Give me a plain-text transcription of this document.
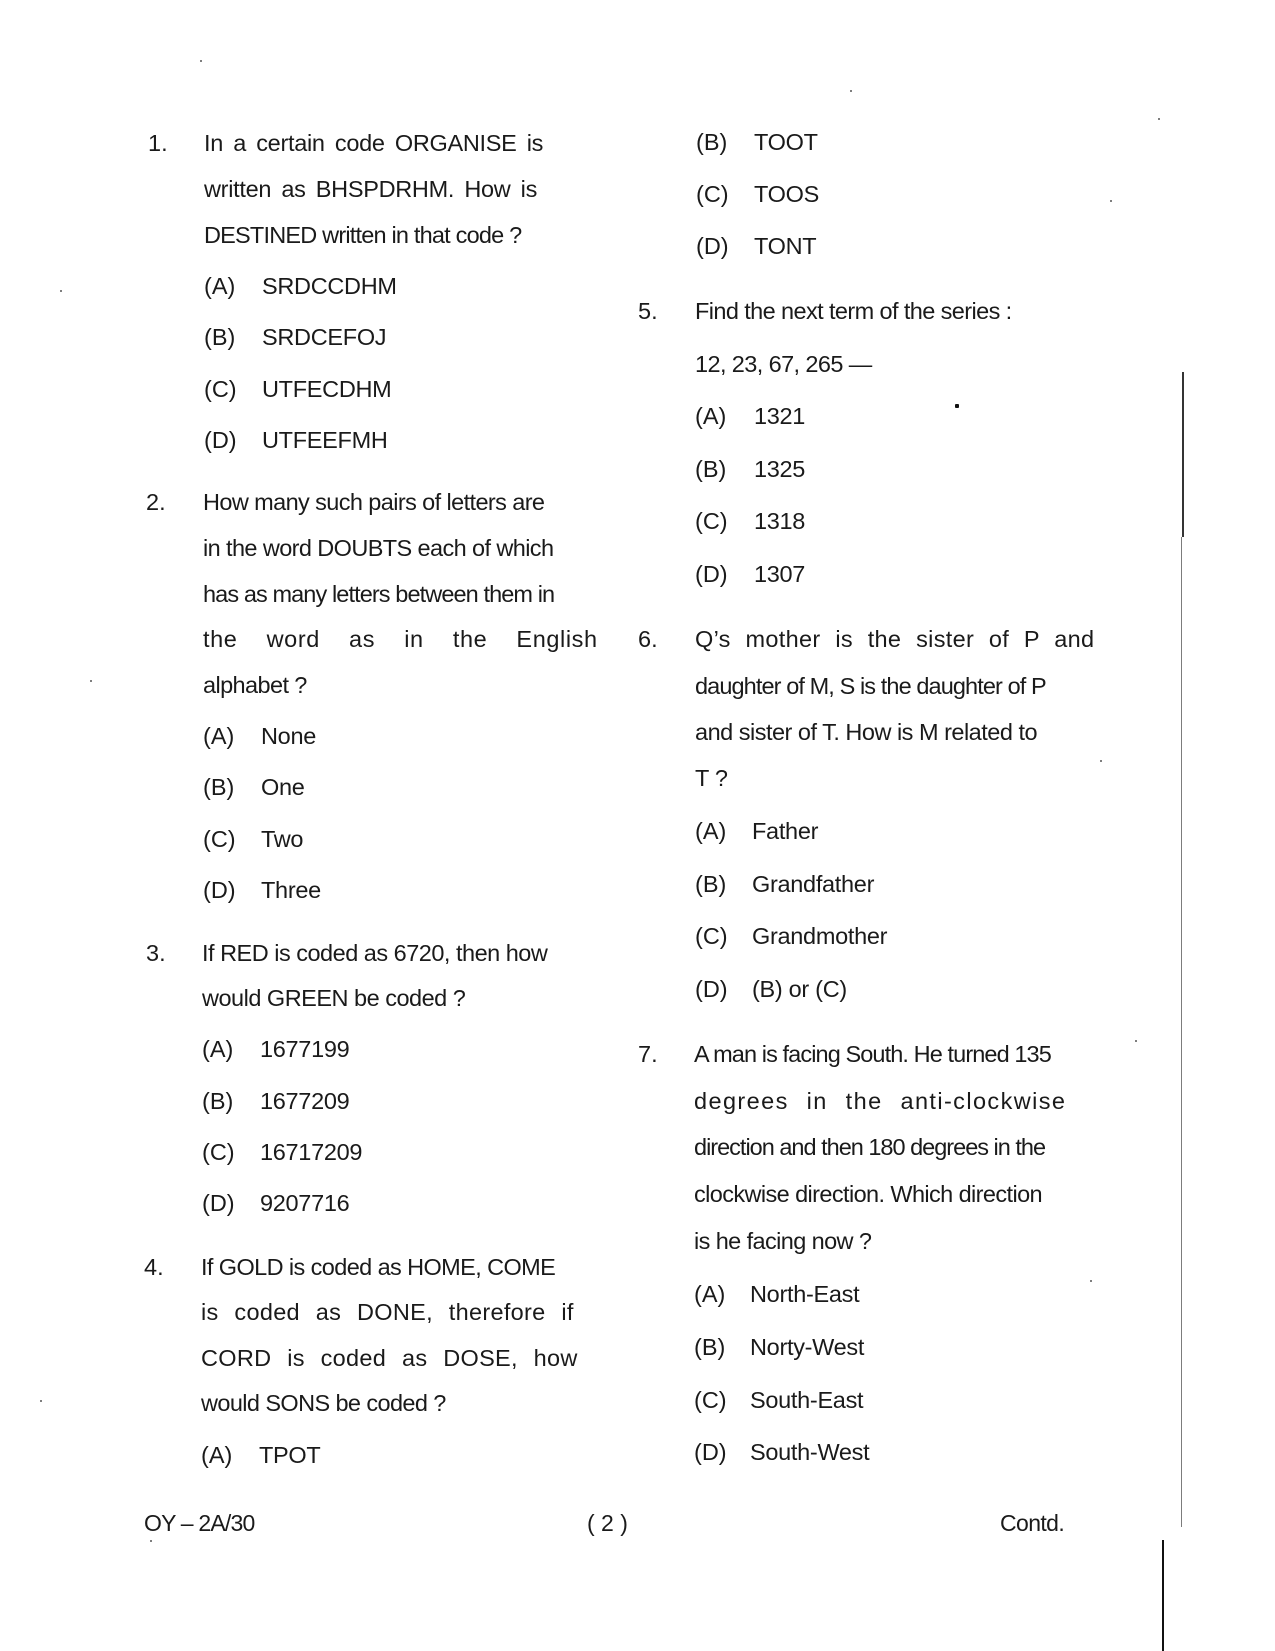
1. In a certain code ORGANISE is
written as BHSPDRHM. How is
DESTINED written in that code ?
(A) SRDCCDHM
(B) SRDCEFOJ
(C) UTFECDHM
(D) UTFEEFMH
2. How many such pairs of letters are
in the word DOUBTS each of which
has as many letters between them in
the word as in the English
alphabet ?
(A) None
(B) One
(C) Two
(D) Three
3. If RED is coded as 6720, then how
would GREEN be coded ?
(A) 1677199
(B) 1677209
(C) 16717209
(D) 9207716
4. If GOLD is coded as HOME, COME
is coded as DONE, therefore if
CORD is coded as DOSE, how
would SONS be coded ?
(A) TPOT
(B) TOOT
(C) TOOS
(D) TONT
5. Find the next term of the series :
12, 23, 67, 265 —
(A) 1321
(B) 1325
(C) 1318
(D) 1307
6. Q’s mother is the sister of P and
daughter of M, S is the daughter of P
and sister of T. How is M related to
T ?
(A) Father
(B) Grandfather
(C) Grandmother
(D) (B) or (C)
7. A man is facing South. He turned 135
degrees in the anti-clockwise
direction and then 180 degrees in the
clockwise direction. Which direction
is he facing now ?
(A) North-East
(B) Norty-West
(C) South-East
(D) South-West
OY – 2A/30	( 2 )	Contd.
